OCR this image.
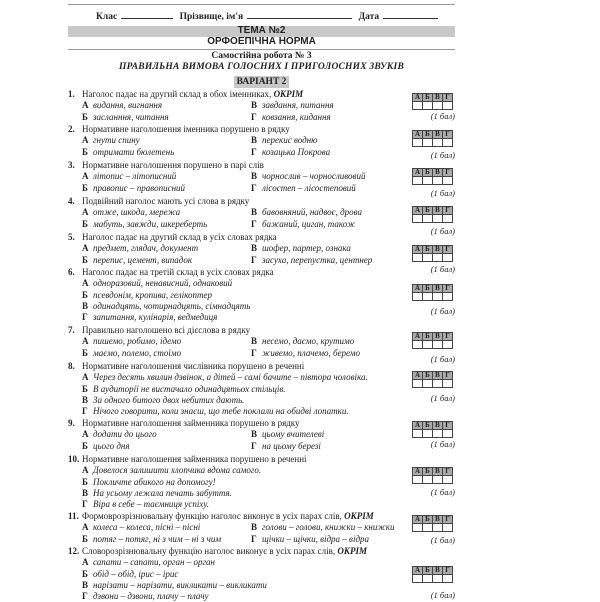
Клас	Прізвище, ім'я	Дата
ТЕМА №2
ОРФОЕПІЧНА НОРМА
Самостійна робота № 3
ПРАВИЛЬНА ВИМОВА ГОЛОСНИХ І ПРИГОЛОСНИХ ЗВУКІВ
ВАРІАНТ 2
1. Наголос падає на другий склад в обох іменниках, ОКРІМ
А видання, вигнання
Б засланння, читання
В завдання, питання
Г ковзання, кидання
А	Б	В	Г

(1 бал)
2. Нормативне наголошення іменника порушено в рядку
А гнути спину
Б отримати бюлетень
В перекис водню
Г козацька Покрова
А	Б	В	Г

(1 бал)
3. Нормативне наголошення порушено в парі слів
А літопис – літописний
Б правопис – правописний
В чорнослив – чорносливовий
Г лісостеп – лісостеповий
А	Б	В	Г

(1 бал)
4. Подвійний наголос мають усі слова в рядку
А отже, шкода, мережа
Б мабуть, завжди, шкереберть
В бавовняний, надвоє, дрова
Г бажаний, циган, також
А	Б	В	Г

(1 бал)
5. Наголос падає на другий склад в усіх словах рядка
А предмет, глядач, документ
Б перепис, цемент, випадок
В шофер, партер, ознака
Г засуха, перепустка, центнер
А	Б	В	Г

(1 бал)
6. Наголос падає на третій склад в усіх словах рядка
А одноразовий, ненависний, однаковий
Б псевдонім, кропива, гелікоптер
В одинадцять, чотирнадцять, сімнадцять
Г запитання, кулінарія, ведмедиця
А	Б	В	Г

(1 бал)
7. Правильно наголошено всі дієслова в рядку
А пишемо, робимо, ідемо
Б маємо, полемо, стоїмо
В несемо, даємо, крутимо
Г живемо, плачемо, беремо
А	Б	В	Г

(1 бал)
8. Нормативне наголошення числівника порушено в реченні
А Через десять хвилин дзвінок, а дітей – самі бачите – півтора чоловіка.
Б В аудиторії не вистачало одинадцятьох стільців.
В За одного битого двох небитих дають.
Г Нічого говорити, коли знаєш, що тебе поклали на обидві лопатки.
А	Б	В	Г

(1 бал)
9. Нормативне наголошення займенника порушено в рядку
А додати до цього
Б цього дня
В цьому вчителеві
Г на цьому березі
А	Б	В	Г

(1 бал)
10. Нормативне наголошення займенника порушено в реченні
А Довелося залишити хлопчика вдома самого.
Б Покличте абикого на допомогу!
В На усьому лежала печать забуття.
Г Віра в себе – таємниця успіху.
А	Б	В	Г

(1 бал)
11. Формоврозрізнювальну функцію наголос виконує в усіх парах слів, ОКРІМ
А колеса – колеса, пісні – пісні
Б потяг – потяг, ні з чим – ні з чим
В голови – голови, книжки – книжки
Г щічки – щічки, відра – відра
А	Б	В	Г

(1 бал)
12. Словорозрізнювальну функцію наголос виконує в усіх парах слів, ОКРІМ
А сапати – сапати, орган – орган
Б обід – обід, ірис – ірис
В нарізати – нарізати, викликати – викликати
Г дзвони – дзвони, плачу – плачу
А	Б	В	Г

(1 бал)
